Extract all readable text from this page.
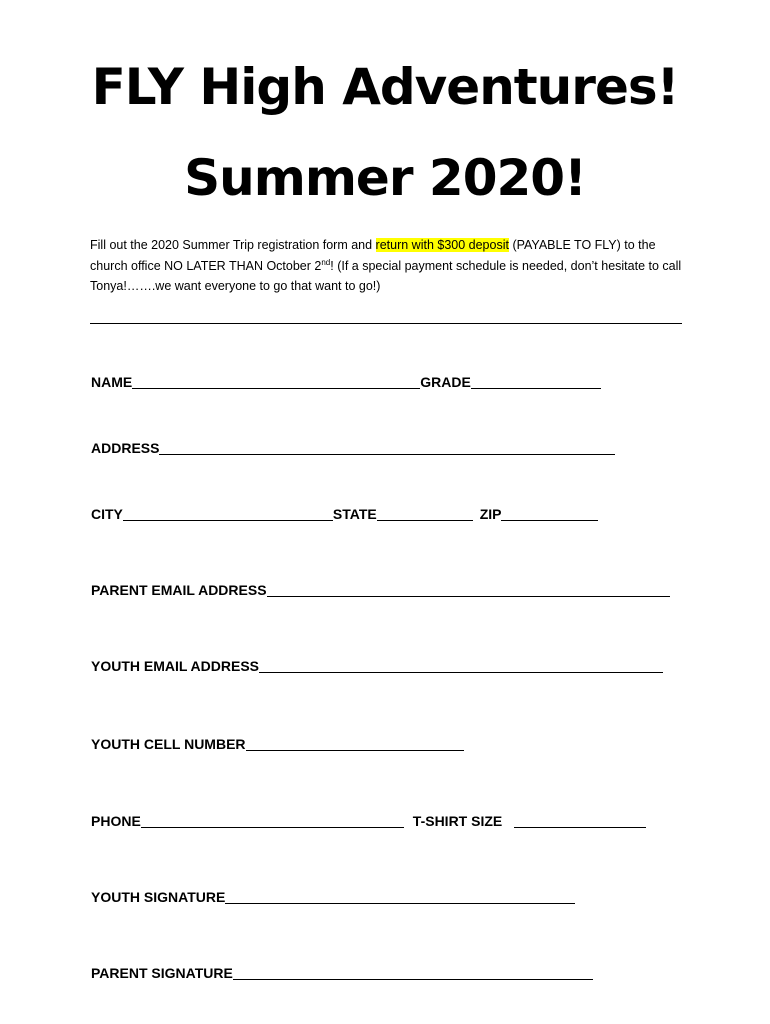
FLY High Adventures!
Summer 2020!
Fill out the 2020 Summer Trip registration form and return with $300 deposit (PAYABLE TO FLY) to the church office NO LATER THAN October 2nd! (If a special payment schedule is needed, don’t hesitate to call Tonya!…….we want everyone to go that want to go!)
NAME	GRADE
ADDRESS
CITY	STATE	ZIP
PARENT EMAIL ADDRESS
YOUTH EMAIL ADDRESS
YOUTH CELL NUMBER
PHONE	T-SHIRT SIZE
YOUTH SIGNATURE
PARENT SIGNATURE
